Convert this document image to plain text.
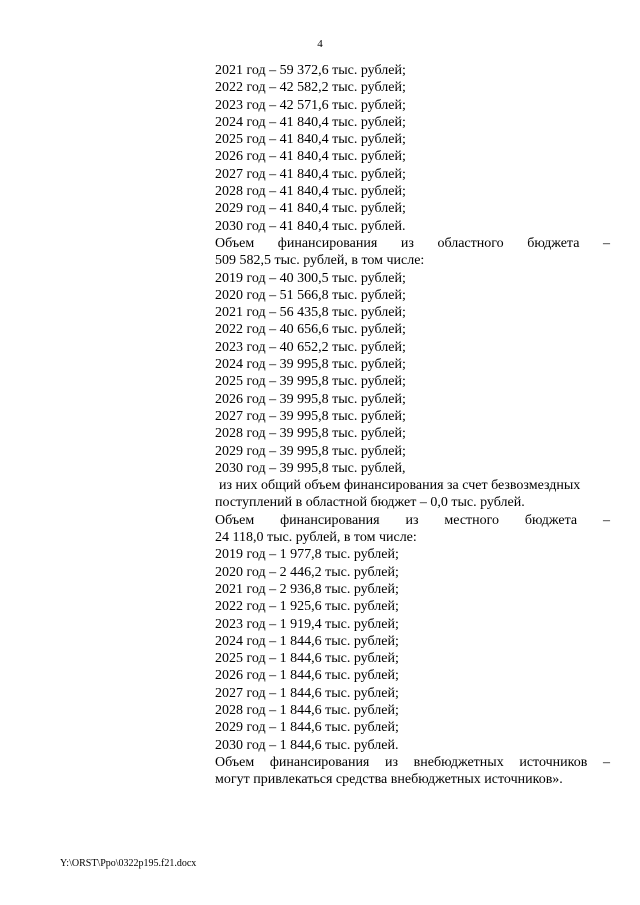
4

2021 год – 59 372,6 тыс. рублей;

2022 год – 42 582,2 тыс. рублей;

2023 год – 42 571,6 тыс. рублей;

2024 год – 41 840,4 тыс. рублей;

2025 год – 41 840,4 тыс. рублей;

2026 год – 41 840,4 тыс. рублей;

2027 год – 41 840,4 тыс. рублей;

2028 год – 41 840,4 тыс. рублей;

2029 год – 41 840,4 тыс. рублей;

2030 год – 41 840,4 тыс. рублей.

Объем финансирования из областного бюджета –

509 582,5 тыс. рублей, в том числе:

2019 год – 40 300,5 тыс. рублей;

2020 год – 51 566,8 тыс. рублей;

2021 год – 56 435,8 тыс. рублей;

2022 год – 40 656,6 тыс. рублей;

2023 год – 40 652,2 тыс. рублей;

2024 год – 39 995,8 тыс. рублей;

2025 год – 39 995,8 тыс. рублей;

2026 год – 39 995,8 тыс. рублей;

2027 год – 39 995,8 тыс. рублей;

2028 год – 39 995,8 тыс. рублей;

2029 год – 39 995,8 тыс. рублей;

2030 год – 39 995,8 тыс. рублей,

из них общий объем финансирования за счет безвозмездных

поступлений в областной бюджет – 0,0 тыс. рублей.

Объем финансирования из местного бюджета –

24 118,0 тыс. рублей, в том числе:

2019 год – 1 977,8 тыс. рублей;

2020 год – 2 446,2 тыс. рублей;

2021 год – 2 936,8 тыс. рублей;

2022 год – 1 925,6 тыс. рублей;

2023 год – 1 919,4 тыс. рублей;

2024 год – 1 844,6 тыс. рублей;

2025 год – 1 844,6 тыс. рублей;

2026 год – 1 844,6 тыс. рублей;

2027 год – 1 844,6 тыс. рублей;

2028 год – 1 844,6 тыс. рублей;

2029 год – 1 844,6 тыс. рублей;

2030 год – 1 844,6 тыс. рублей.

Объем финансирования из внебюджетных источников –

могут привлекаться средства внебюджетных источников».

Y:\ORST\Ppo\0322p195.f21.docx
